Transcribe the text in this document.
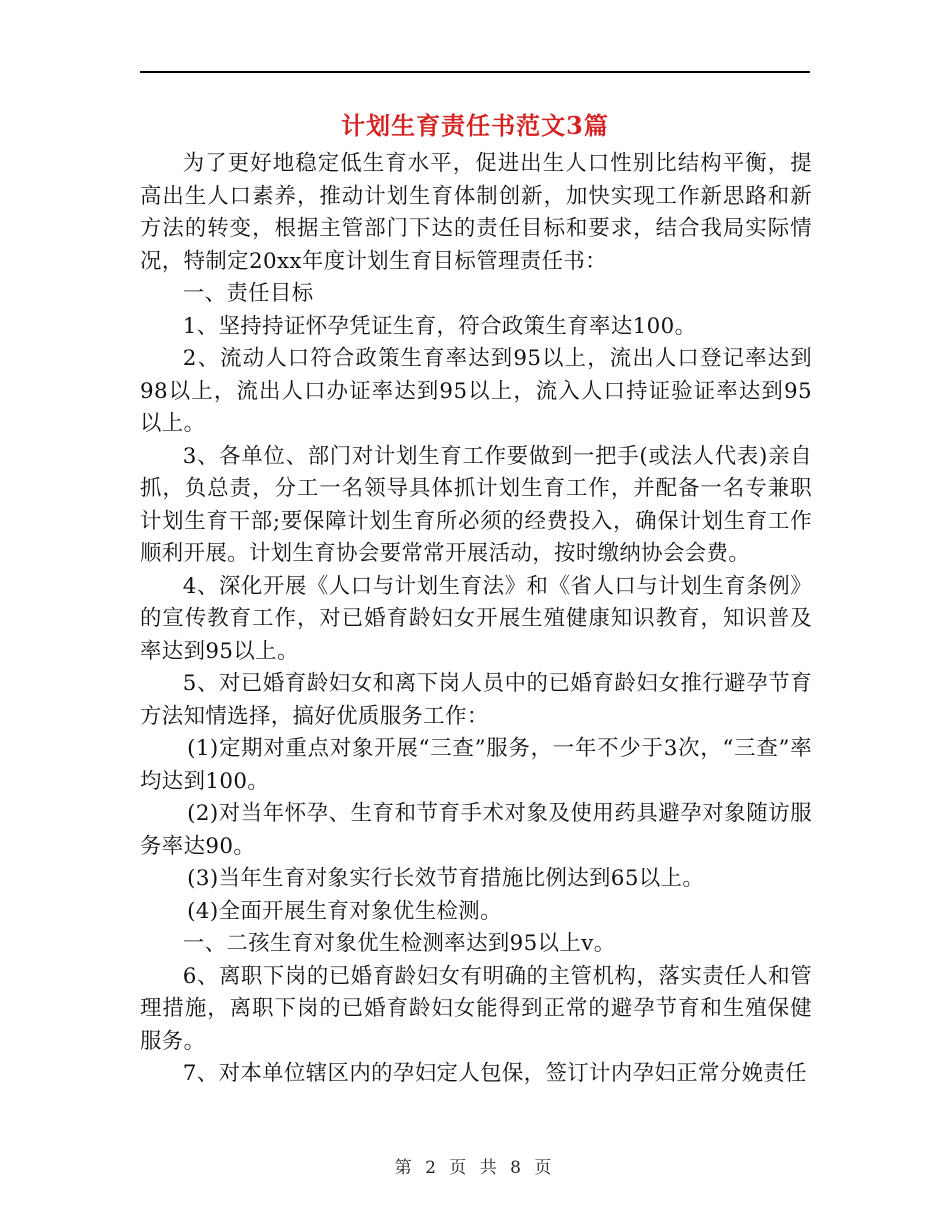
计划生育责任书范文3篇

为了更好地稳定低生育水平，促进出生人口性别比结构平衡，提高出生人口素养，推动计划生育体制创新，加快实现工作新思路和新方法的转变，根据主管部门下达的责任目标和要求，结合我局实际情况，特制定20xx年度计划生育目标管理责任书：

一、责任目标

1、坚持持证怀孕凭证生育，符合政策生育率达100。

2、流动人口符合政策生育率达到95以上，流出人口登记率达到98以上，流出人口办证率达到95以上，流入人口持证验证率达到95以上。

3、各单位、部门对计划生育工作要做到一把手(或法人代表)亲自抓，负总责，分工一名领导具体抓计划生育工作，并配备一名专兼职计划生育干部;要保障计划生育所必须的经费投入，确保计划生育工作顺利开展。计划生育协会要常常开展活动，按时缴纳协会会费。

4、深化开展《人口与计划生育法》和《省人口与计划生育条例》的宣传教育工作，对已婚育龄妇女开展生殖健康知识教育，知识普及率达到95以上。

5、对已婚育龄妇女和离下岗人员中的已婚育龄妇女推行避孕节育方法知情选择，搞好优质服务工作：

(1)定期对重点对象开展“三查”服务，一年不少于3次，“三查”率均达到100。

(2)对当年怀孕、生育和节育手术对象及使用药具避孕对象随访服务率达90。

(3)当年生育对象实行长效节育措施比例达到65以上。

(4)全面开展生育对象优生检测。

一、二孩生育对象优生检测率达到95以上v。

6、离职下岗的已婚育龄妇女有明确的主管机构，落实责任人和管理措施，离职下岗的已婚育龄妇女能得到正常的避孕节育和生殖保健服务。

7、对本单位辖区内的孕妇定人包保，签订计内孕妇正常分娩责任

第 2 页 共 8 页
